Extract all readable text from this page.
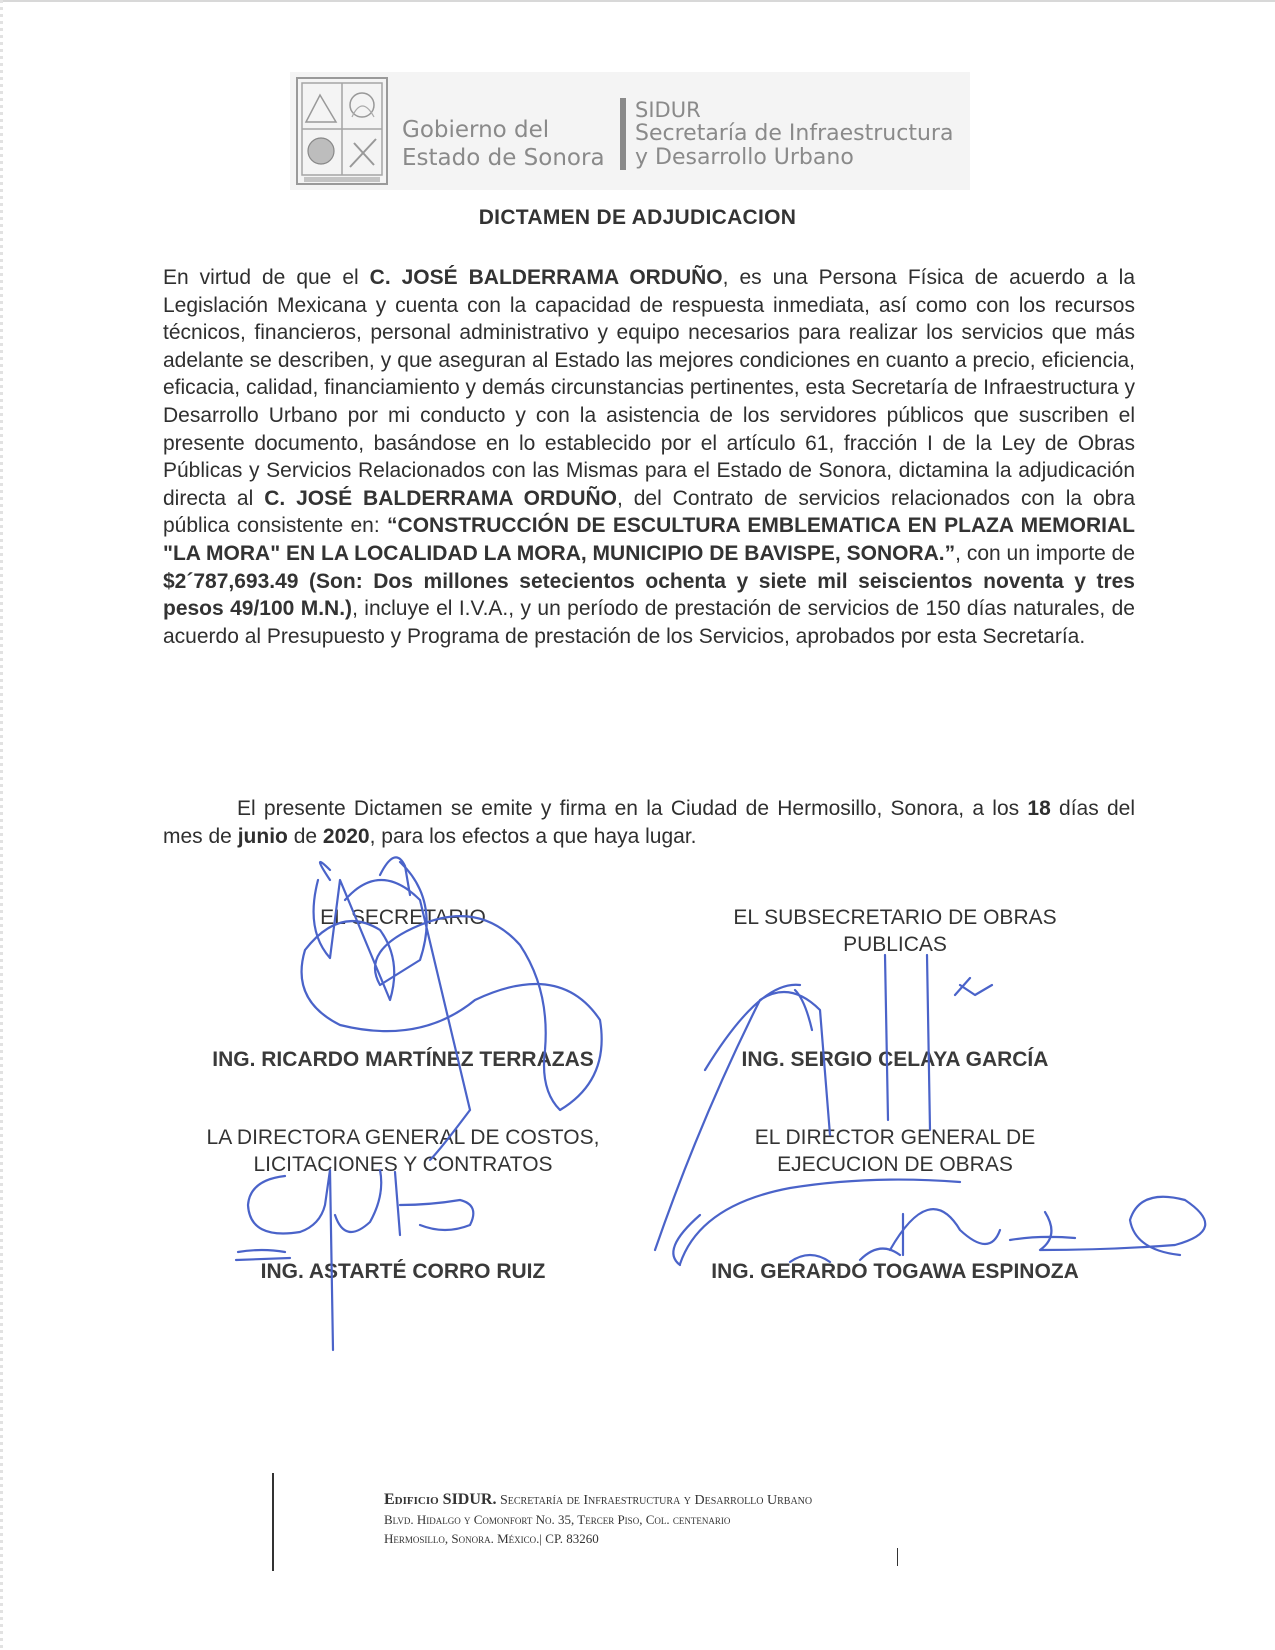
Gobierno del
Estado de Sonora
SIDUR
Secretaría de Infraestructura
y Desarrollo Urbano
DICTAMEN DE ADJUDICACION
En virtud de que el C. JOSÉ BALDERRAMA ORDUÑO, es una Persona Física de acuerdo a la Legislación Mexicana y cuenta con la capacidad de respuesta inmediata, así como con los recursos técnicos, financieros, personal administrativo y equipo necesarios para realizar los servicios que más adelante se describen, y que aseguran al Estado las mejores condiciones en cuanto a precio, eficiencia, eficacia, calidad, financiamiento y demás circunstancias pertinentes, esta Secretaría de Infraestructura y Desarrollo Urbano por mi conducto y con la asistencia de los servidores públicos que suscriben el presente documento, basándose en lo establecido por el artículo 61, fracción I de la Ley de Obras Públicas y Servicios Relacionados con las Mismas para el Estado de Sonora, dictamina la adjudicación directa al C. JOSÉ BALDERRAMA ORDUÑO, del Contrato de servicios relacionados con la obra pública consistente en: “CONSTRUCCIÓN DE ESCULTURA EMBLEMATICA EN PLAZA MEMORIAL "LA MORA" EN LA LOCALIDAD LA MORA, MUNICIPIO DE BAVISPE, SONORA.”, con un importe de $2´787,693.49 (Son: Dos millones setecientos ochenta y siete mil seiscientos noventa y tres pesos 49/100 M.N.), incluye el I.V.A., y un período de prestación de servicios de 150 días naturales, de acuerdo al Presupuesto y Programa de prestación de los Servicios, aprobados por esta Secretaría.
El presente Dictamen se emite y firma en la Ciudad de Hermosillo, Sonora, a los 18 días del mes de junio de 2020, para los efectos a que haya lugar.
EL SECRETARIO	EL SUBSECRETARIO DE OBRAS
PUBLICAS
ING. RICARDO MARTÍNEZ TERRAZAS	ING. SERGIO CELAYA GARCÍA
LA DIRECTORA GENERAL DE COSTOS,
LICITACIONES Y CONTRATOS
EL DIRECTOR GENERAL DE
EJECUCION DE OBRAS
ING. ASTARTÉ CORRO RUIZ	ING. GERARDO TOGAWA ESPINOZA
Edificio SIDUR. Secretaría de Infraestructura y Desarrollo Urbano
Blvd. Hidalgo y Comonfort No. 35, Tercer Piso, Col. centenario
Hermosillo, Sonora. México.| CP. 83260
